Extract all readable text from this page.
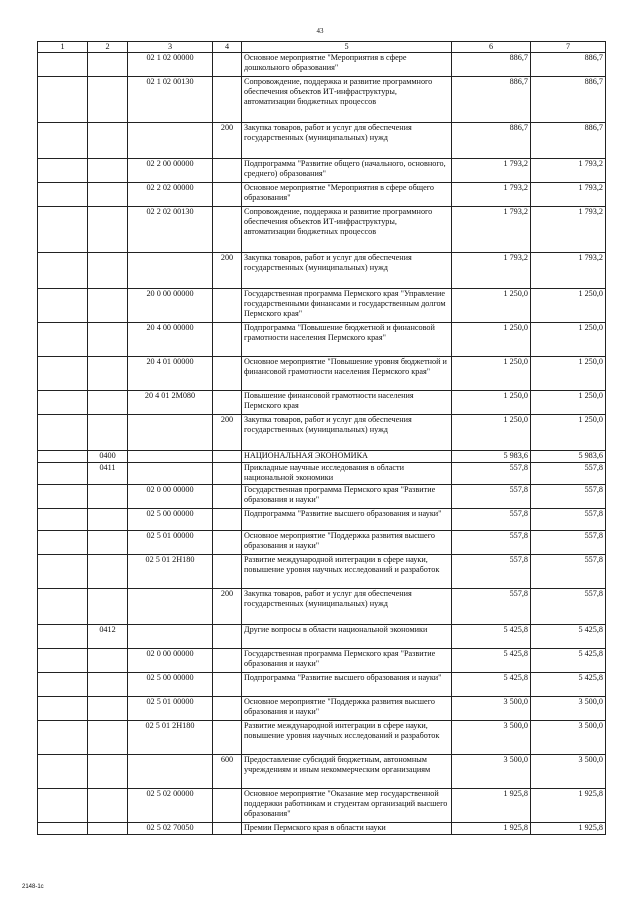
43
1	2	3	4	5	6	7
		02 1 02 00000		Основное мероприятие "Мероприятия в сфере дошкольного образования"	886,7	886,7
		02 1 02 00130		Сопровождение, поддержка и развитие программного обеспечения объектов ИТ-инфраструктуры, автоматизации бюджетных процессов	886,7	886,7
			200	Закупка товаров, работ и услуг для обеспечения государственных (муниципальных) нужд	886,7	886,7
		02 2 00 00000		Подпрограмма "Развитие общего (начального, основного, среднего) образования"	1 793,2	1 793,2
		02 2 02 00000		Основное мероприятие "Мероприятия в сфере общего образования"	1 793,2	1 793,2
		02 2 02 00130		Сопровождение, поддержка и развитие программного обеспечения объектов ИТ-инфраструктуры, автоматизации бюджетных процессов	1 793,2	1 793,2
			200	Закупка товаров, работ и услуг для обеспечения государственных (муниципальных) нужд	1 793,2	1 793,2
		20 0 00 00000		Государственная программа Пермского края "Управление государственными финансами и государственным долгом Пермского края"	1 250,0	1 250,0
		20 4 00 00000		Подпрограмма "Повышение бюджетной и финансовой грамотности населения Пермского края"	1 250,0	1 250,0
		20 4 01 00000		Основное мероприятие "Повышение уровня бюджетной и финансовой грамотности населения Пермского края"	1 250,0	1 250,0
		20 4 01 2М080		Повышение финансовой грамотности населения Пермского края	1 250,0	1 250,0
			200	Закупка товаров, работ и услуг для обеспечения государственных (муниципальных) нужд	1 250,0	1 250,0
	0400			НАЦИОНАЛЬНАЯ ЭКОНОМИКА	5 983,6	5 983,6
	0411			Прикладные научные исследования в области национальной экономики	557,8	557,8
		02 0 00 00000		Государственная программа Пермского края "Развитие образования и науки"	557,8	557,8
		02 5 00 00000		Подпрограмма "Развитие высшего образования и науки"	557,8	557,8
		02 5 01 00000		Основное мероприятие "Поддержка развития высшего образования и науки"	557,8	557,8
		02 5 01 2Н180		Развитие международной интеграции в сфере науки, повышение уровня научных исследований и разработок	557,8	557,8
			200	Закупка товаров, работ и услуг для обеспечения государственных (муниципальных) нужд	557,8	557,8
	0412			Другие вопросы в области национальной экономики	5 425,8	5 425,8
		02 0 00 00000		Государственная программа Пермского края "Развитие образования и науки"	5 425,8	5 425,8
		02 5 00 00000		Подпрограмма "Развитие высшего образования и науки"	5 425,8	5 425,8
		02 5 01 00000		Основное мероприятие "Поддержка развития высшего образования и науки"	3 500,0	3 500,0
		02 5 01 2Н180		Развитие международной интеграции в сфере науки, повышение уровня научных исследований и разработок	3 500,0	3 500,0
			600	Предоставление субсидий бюджетным, автономным учреждениям и иным некоммерческим организациям	3 500,0	3 500,0
		02 5 02 00000		Основное мероприятие "Оказание мер государственной поддержки работникам и студентам организаций высшего образования"	1 925,8	1 925,8
		02 5 02 70050		Премии Пермского края в области науки	1 925,8	1 925,8
2148-1с
